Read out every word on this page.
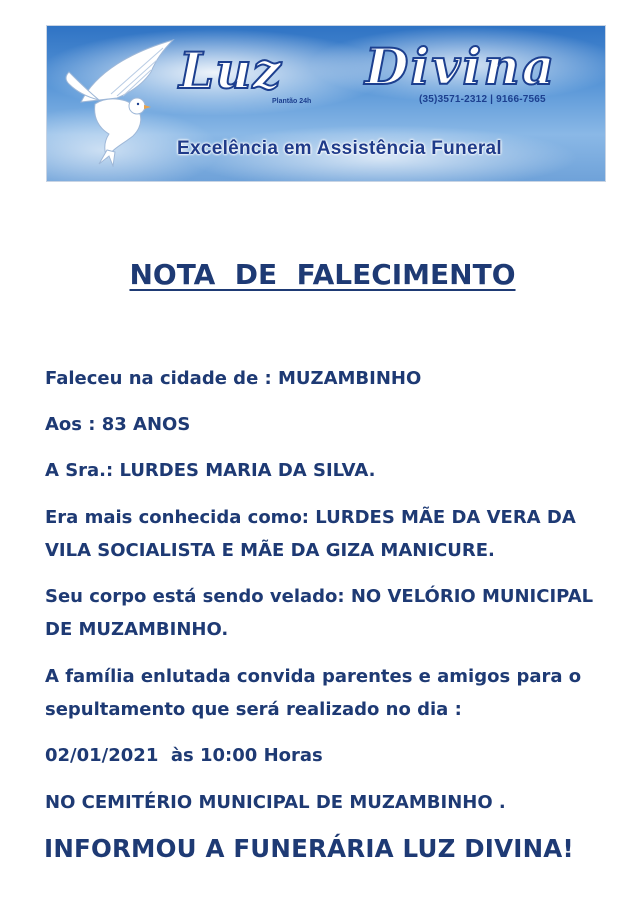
Luz Divina
Plantão 24h	(35)3571-2312 | 9166-7565
Excelência em Assistência Funeral
NOTA  DE  FALECIMENTO

Faleceu na cidade de : MUZAMBINHO

Aos : 83 ANOS

A Sra.: LURDES MARIA DA SILVA.

Era mais conhecida como: LURDES MÃE DA VERA DA

VILA SOCIALISTA E MÃE DA GIZA MANICURE.

Seu corpo está sendo velado: NO VELÓRIO MUNICIPAL

DE MUZAMBINHO.

A família enlutada convida parentes e amigos para o

sepultamento que será realizado no dia :

02/01/2021  às 10:00 Horas

NO CEMITÉRIO MUNICIPAL DE MUZAMBINHO .

INFORMOU A FUNERÁRIA LUZ DIVINA!
